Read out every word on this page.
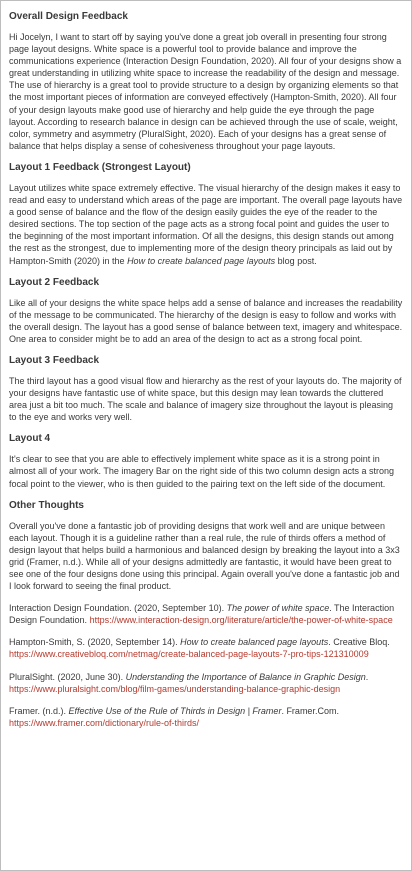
Overall Design Feedback

Hi Jocelyn, I want to start off by saying you've done a great job overall in presenting four strong page layout designs. White space is a powerful tool to provide balance and improve the communications experience (Interaction Design Foundation, 2020). All four of your designs show a great understanding in utilizing white space to increase the readability of the design and message. The use of hierarchy is a great tool to provide structure to a design by organizing elements so that the most important pieces of information are conveyed effectively (Hampton-Smith, 2020). All four of your design layouts make good use of hierarchy and help guide the eye through the page layout. According to research balance in design can be achieved through the use of scale, weight, color, symmetry and asymmetry (PluralSight, 2020). Each of your designs has a great sense of balance that helps display a sense of cohesiveness throughout your page layouts.

Layout 1 Feedback (Strongest Layout)

Layout utilizes white space extremely effective. The visual hierarchy of the design makes it easy to read and easy to understand which areas of the page are important. The overall page layouts have a good sense of balance and the flow of the design easily guides the eye of the reader to the desired sections. The top section of the page acts as a strong focal point and guides the user to the beginning of the most important information. Of all the designs, this design stands out among the rest as the strongest, due to implementing more of the design theory principals as laid out by Hampton-Smith (2020) in the How to create balanced page layouts blog post.

Layout 2 Feedback

Like all of your designs the white space helps add a sense of balance and increases the readability of the message to be communicated. The hierarchy of the design is easy to follow and works with the overall design. The layout has a good sense of balance between text, imagery and whitespace. One area to consider might be to add an area of the design to act as a strong focal point.

Layout 3 Feedback

The third layout has a good visual flow and hierarchy as the rest of your layouts do. The majority of your designs have fantastic use of white space, but this design may lean towards the cluttered area just a bit too much. The scale and balance of imagery size throughout the layout is pleasing to the eye and works very well.

Layout 4

It's clear to see that you are able to effectively implement white space as it is a strong point in almost all of your work. The imagery Bar on the right side of this two column design acts a strong focal point to the viewer, who is then guided to the pairing text on the left side of the document.

Other Thoughts

Overall you've done a fantastic job of providing designs that work well and are unique between each layout. Though it is a guideline rather than a real rule, the rule of thirds offers a method of design layout that helps build a harmonious and balanced design by breaking the layout into a 3x3 grid (Framer, n.d.). While all of your designs admittedly are fantastic, it would have been great to see one of the four designs done using this principal. Again overall you've done a fantastic job and I look forward to seeing the final product.

Interaction Design Foundation. (2020, September 10). The power of white space. The Interaction Design Foundation. https://www.interaction-design.org/literature/article/the-power-of-white-space

Hampton-Smith, S. (2020, September 14). How to create balanced page layouts. Creative Bloq. https://www.creativebloq.com/netmag/create-balanced-page-layouts-7-pro-tips-121310009

PluralSight. (2020, June 30). Understanding the Importance of Balance in Graphic Design. https://www.pluralsight.com/blog/film-games/understanding-balance-graphic-design

Framer. (n.d.). Effective Use of the Rule of Thirds in Design | Framer. Framer.Com. https://www.framer.com/dictionary/rule-of-thirds/
